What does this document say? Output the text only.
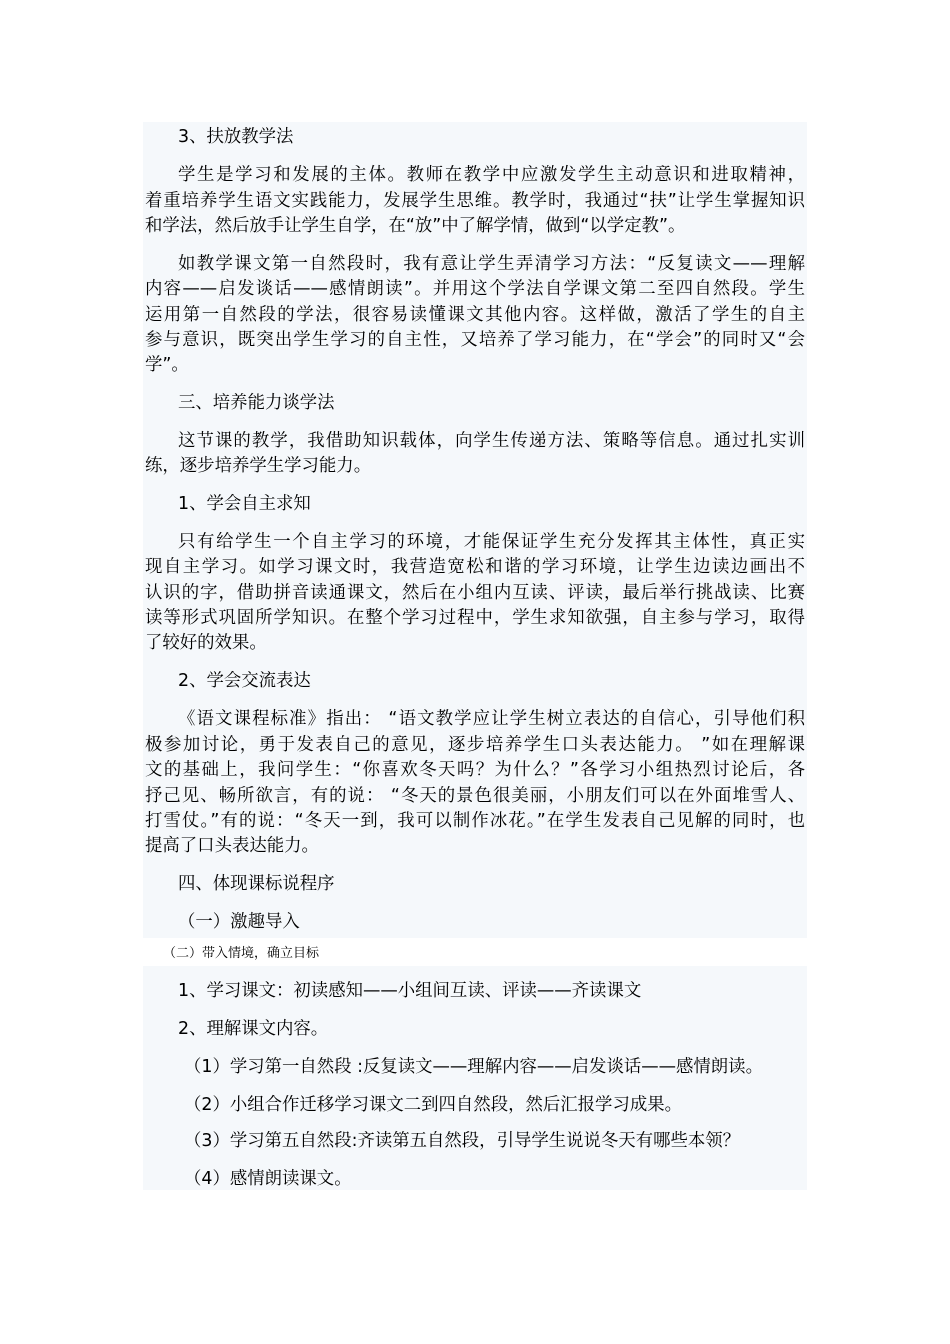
3、扶放教学法
学生是学习和发展的主体。教师在教学中应激发学生主动意识和进取精神，
着重培养学生语文实践能力，发展学生思维。教学时，我通过“扶”让学生掌握知识
和学法，然后放手让学生自学，在“放”中了解学情，做到“以学定教”。
如教学课文第一自然段时，我有意让学生弄清学习方法：“反复读文——理解
内容——启发谈话——感情朗读”。并用这个学法自学课文第二至四自然段。学生
运用第一自然段的学法，很容易读懂课文其他内容。这样做，激活了学生的自主
参与意识，既突出学生学习的自主性，又培养了学习能力，在“学会”的同时又“会
学”。
三、培养能力谈学法
这节课的教学，我借助知识载体，向学生传递方法、策略等信息。通过扎实训
练，逐步培养学生学习能力。
1、学会自主求知
只有给学生一个自主学习的环境，才能保证学生充分发挥其主体性，真正实
现自主学习。如学习课文时，我营造宽松和谐的学习环境，让学生边读边画出不
认识的字，借助拼音读通课文，然后在小组内互读、评读，最后举行挑战读、比赛
读等形式巩固所学知识。在整个学习过程中，学生求知欲强，自主参与学习，取得
了较好的效果。
2、学会交流表达
《语文课程标准》指出： “语文教学应让学生树立表达的自信心，引导他们积
极参加讨论，勇于发表自己的意见，逐步培养学生口头表达能力。 ”如在理解课
文的基础上，我问学生：“你喜欢冬天吗？为什么？”各学习小组热烈讨论后，各
抒己见、畅所欲言，有的说： “冬天的景色很美丽，小朋友们可以在外面堆雪人、
打雪仗。”有的说：“冬天一到，我可以制作冰花。”在学生发表自己见解的同时，也
提高了口头表达能力。
四、体现课标说程序
（一）激趣导入
（二）带入情境，确立目标
1、学习课文：初读感知——小组间互读、评读——齐读课文
2、理解课文内容。
（1）学习第一自然段 :反复读文——理解内容——启发谈话——感情朗读。
（2）小组合作迁移学习课文二到四自然段，然后汇报学习成果。
（3）学习第五自然段:齐读第五自然段，引导学生说说冬天有哪些本领？
（4）感情朗读课文。
